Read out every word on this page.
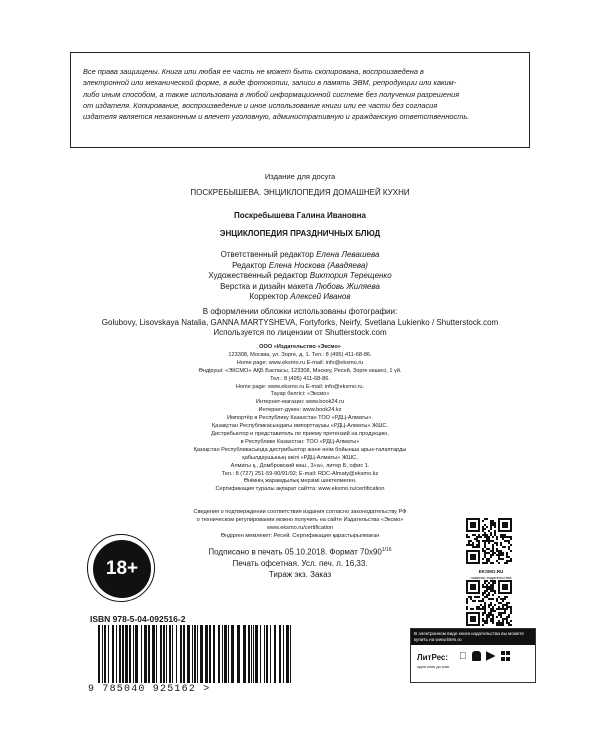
Все права защищены. Книга или любая ее часть не может быть скопирована, воспроизведена в
электронной или механической форме, в виде фотокопии, записи в память ЭВМ, репродукции или каким-
либо иным способом, а также использована в любой информационной системе без получения разрешения
от издателя. Копирование, воспроизведение и иное использование книги или ее части без согласия
издателя является незаконным и влечет уголовную, административную и гражданскую ответственность.
Издание для досуга
ПОСКРЕБЫШЕВА. ЭНЦИКЛОПЕДИЯ ДОМАШНЕЙ КУХНИ
Поскребышева Галина Ивановна
ЭНЦИКЛОПЕДИЯ ПРАЗДНИЧНЫХ БЛЮД
Ответственный редактор Елена Левашева
Редактор Елена Носкова (Авадяева)
Художественный редактор Виктория Терещенко
Верстка и дизайн макета Любовь Жиляева
Корректор Алексей Иванов
В оформлении обложки использованы фотографии:
Golubovy, Lisovskaya Natalia, GANNA MARTYSHEVA, Fortyforks, Neirfy, Svetlana Lukienko / Shutterstock.com
Используется по лицензии от Shutterstock.com
ООО «Издательство «Эксмо»
123308, Москва, ул. Зорге, д. 1. Тел.: 8 (495) 411-68-86.
Home page: www.eksmo.ru E-mail: info@eksmo.ru
Өндіруші: «ЭКСМО» АҚБ Баспасы, 123308, Мәскеу, Ресей, Зорге көшесі, 1 үй.
Тел.: 8 (495) 411-68-86.
Home page: www.eksmo.ru E-mail: info@eksmo.ru.
Тауар белгісі: «Эксмо»
Интернет-магазин: www.book24.ru
Интернет-дүкен: www.book24.kz
Импортёр в Республику Казахстан ТОО «РДЦ-Алматы».
Қазақстан Республикасындағы импорттаушы «РДЦ-Алматы» ЖШС.
Дистрибьютор и представитель по приему претензий на продукцию,
в Республике Казахстан: ТОО «РДЦ-Алматы»
Қазақстан Республикасында дистрибьютор және өнім бойынша арыз-талаптарды
қабылдаушының өкілі «РДЦ-Алматы» ЖШС,
Алматы қ., Домбровский көш., 3«а», литер Б, офис 1.
Тел.: 8 (727) 251-59-90/91/92; E-mail: RDC-Almaty@eksmo.kz
Өнімнің жарамдылық мерзімі шектелмеген.
Сертификация туралы ақпарат сайтта: www.eksmo.ru/certification
Сведения о подтверждении соответствия издания согласно законодательству РФ
о техническом регулировании можно получить на сайте Издательства «Эксмо»
www.eksmo.ru/certification
Өндірген мемлекет: Ресей. Сертификация қарастырылмаған
Подписано в печать 05.10.2018. Формат $70x90^{1/16}$
Печать офсетная. Усл. печ. л. 16,33.
Тираж экз. Заказ
18+
ISBN 978-5-04-092516-2
9 785040 925162 >
EKSMO.RU
новинки издательства
В электронном виде книги издательства вы можете купить на www.litres.ru
ЛитРес:
один клик до книг
